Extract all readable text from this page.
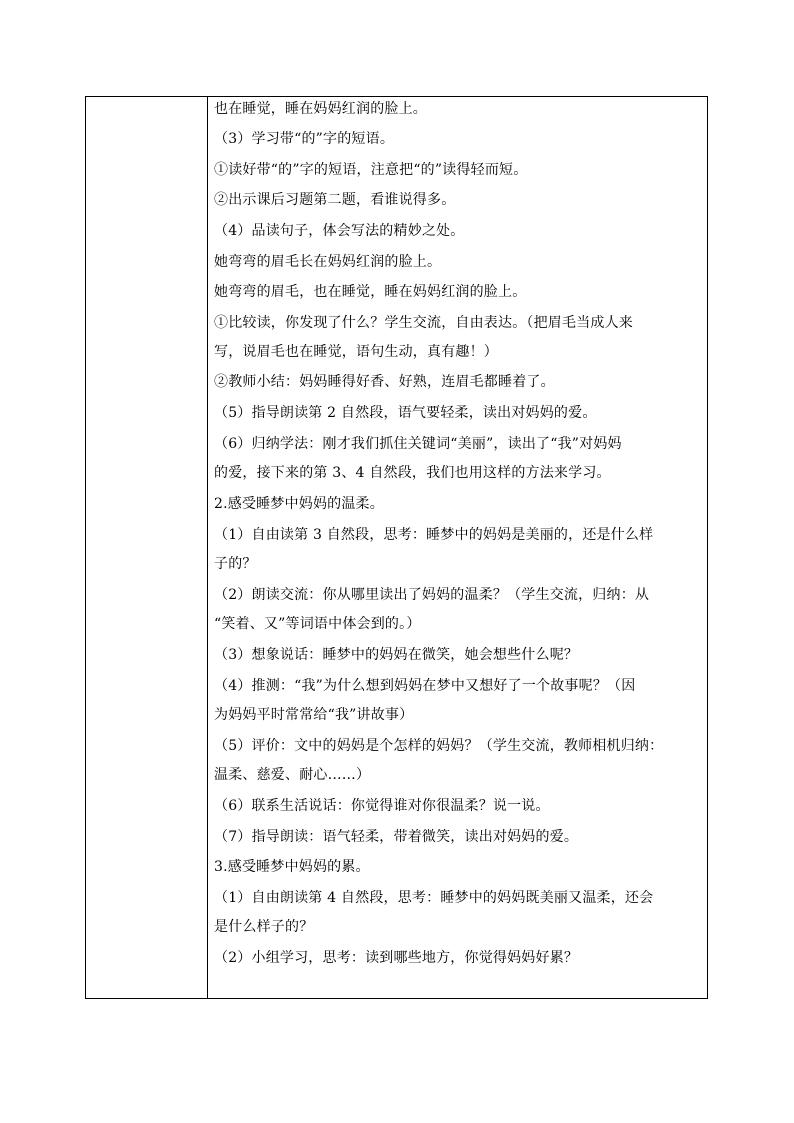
也在睡觉，睡在妈妈红润的脸上。
（3）学习带“的”字的短语。
①读好带“的”字的短语，注意把“的”读得轻而短。
②出示课后习题第二题，看谁说得多。
（4）品读句子，体会写法的精妙之处。
她弯弯的眉毛长在妈妈红润的脸上。
她弯弯的眉毛，也在睡觉，睡在妈妈红润的脸上。
①比较读，你发现了什么？学生交流，自由表达。（把眉毛当成人来
写，说眉毛也在睡觉，语句生动，真有趣！）
②教师小结：妈妈睡得好香、好熟，连眉毛都睡着了。
（5）指导朗读第 2 自然段，语气要轻柔，读出对妈妈的爱。
（6）归纳学法：刚才我们抓住关键词“美丽”，读出了“我”对妈妈
的爱，接下来的第 3、4 自然段，我们也用这样的方法来学习。
2.感受睡梦中妈妈的温柔。
（1）自由读第 3 自然段，思考：睡梦中的妈妈是美丽的，还是什么样
子的？
（2）朗读交流：你从哪里读出了妈妈的温柔？（学生交流，归纳：从
“笑着、又”等词语中体会到的。）
（3）想象说话：睡梦中的妈妈在微笑，她会想些什么呢？
（4）推测：“我”为什么想到妈妈在梦中又想好了一个故事呢？（因
为妈妈平时常常给“我”讲故事）
（5）评价：文中的妈妈是个怎样的妈妈？（学生交流，教师相机归纳：
温柔、慈爱、耐心……）
（6）联系生活说话：你觉得谁对你很温柔？说一说。
（7）指导朗读：语气轻柔，带着微笑，读出对妈妈的爱。
3.感受睡梦中妈妈的累。
（1）自由朗读第 4 自然段，思考：睡梦中的妈妈既美丽又温柔，还会
是什么样子的？
（2）小组学习，思考：读到哪些地方，你觉得妈妈好累？
